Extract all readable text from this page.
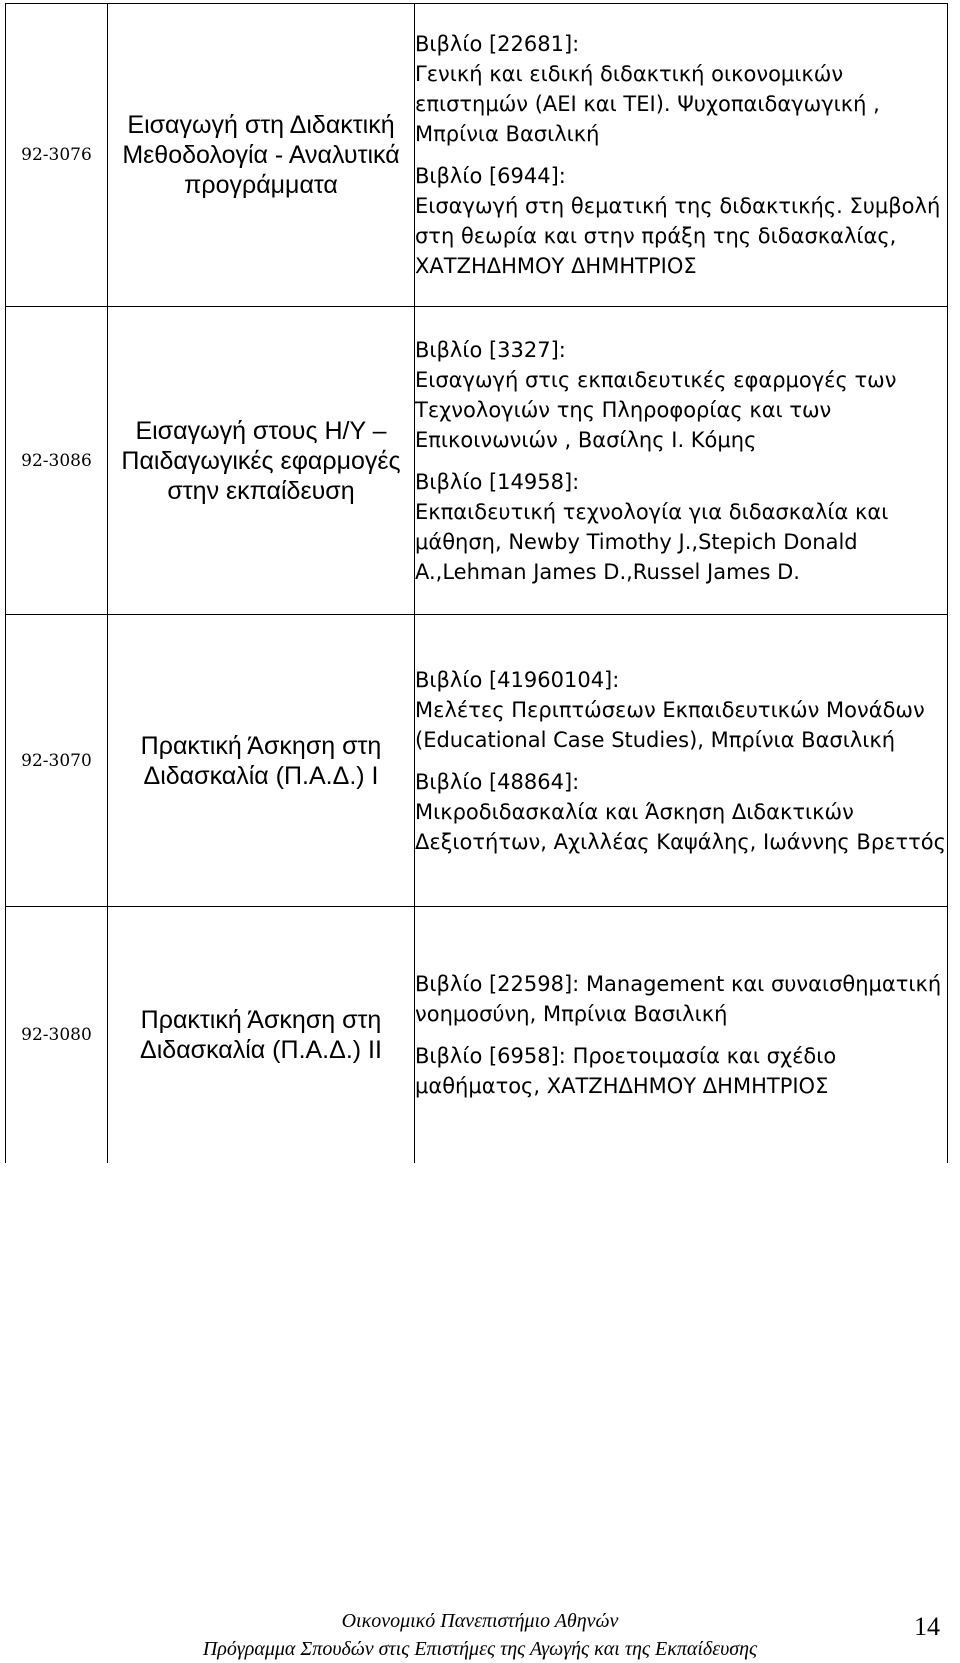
92-3076	Εισαγωγή στη Διδακτική Μεθοδολογία - Αναλυτικά προγράμματα	Βιβλίο [22681]:
Γενική και ειδική διδακτική οικονομικών επιστημών (ΑΕΙ και ΤΕΙ). Ψυχοπαιδαγωγική , Μπρίνια Βασιλική
Βιβλίο [6944]:
Εισαγωγή στη θεματική της διδακτικής. Συμβολή στη θεωρία και στην πράξη της διδασκαλίας, ΧΑΤΖΗΔΗΜΟΥ ΔΗΜΗΤΡΙΟΣ

92-3086	Εισαγωγή στους Η/Υ – Παιδαγωγικές εφαρμογές στην εκπαίδευση	Βιβλίο [3327]:
Εισαγωγή στις εκπαιδευτικές εφαρμογές των Τεχνολογιών της Πληροφορίας και των Επικοινωνιών , Βασίλης Ι. Κόμης
Βιβλίο [14958]:
Εκπαιδευτική τεχνολογία για διδασκαλία και μάθηση, Newby Timothy J.,Stepich Donald A.,Lehman James D.,Russel James D.

92-3070	Πρακτική Άσκηση στη Διδασκαλία (Π.Α.Δ.) Ι	Βιβλίο [41960104]:
Μελέτες Περιπτώσεων Εκπαιδευτικών Μονάδων (Educational Case Studies), Μπρίνια Βασιλική
Βιβλίο [48864]:
Μικροδιδασκαλία και Άσκηση Διδακτικών Δεξιοτήτων, Αχιλλέας Καψάλης, Ιωάννης Βρεττός

92-3080	Πρακτική Άσκηση στη Διδασκαλία (Π.Α.Δ.) ΙΙ	Βιβλίο [22598]: Management και συναισθηματική νοημοσύνη, Μπρίνια Βασιλική
Βιβλίο [6958]: Προετοιμασία και σχέδιο μαθήματος, ΧΑΤΖΗΔΗΜΟΥ ΔΗΜΗΤΡΙΟΣ
Οικονομικό Πανεπιστήμιο Αθηνών
Πρόγραμμα Σπουδών στις Επιστήμες της Αγωγής και της Εκπαίδευσης
14
